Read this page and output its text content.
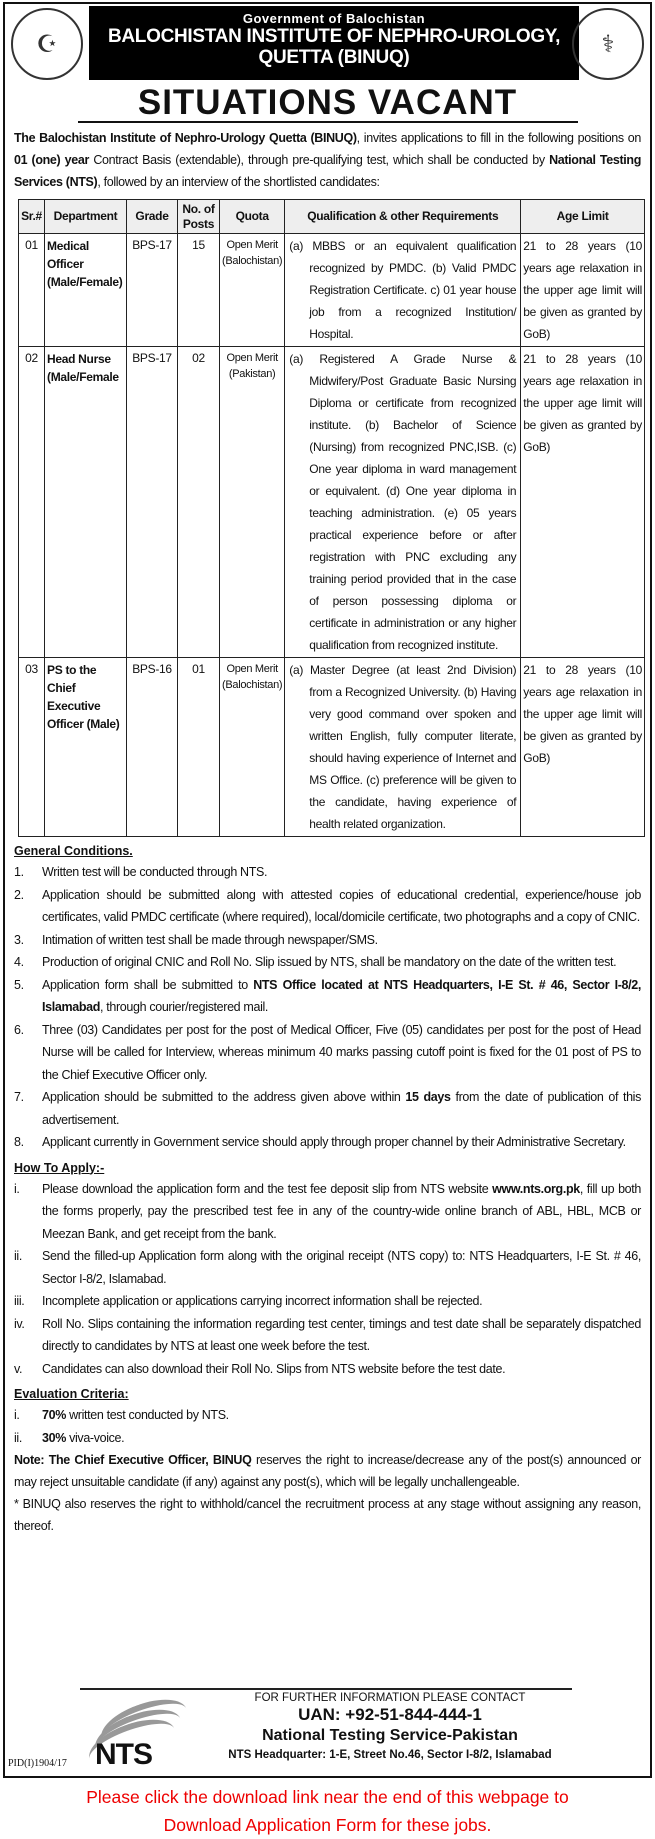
☪
Government of Balochistan
BALOCHISTAN INSTITUTE OF NEPHRO-UROLOGY,
QUETTA (BINUQ)	⚕
SITUATIONS VACANT

The Balochistan Institute of Nephro-Urology Quetta (BINUQ), invites applications to fill in the following positions on 01 (one) year Contract Basis (extendable), through pre-qualifying test, which shall be conducted by National Testing Services (NTS), followed by an interview of the shortlisted candidates:

Sr.#	Department	Grade	No. of Posts	Quota	Qualification & other Requirements	Age Limit
01	Medical Officer (Male/Female)	BPS-17	15	Open Merit (Balochistan)	(a) MBBS or an equivalent qualification recognized by PMDC. (b) Valid PMDC Registration Certificate. c) 01 year house job from a recognized Institution/ Hospital.	21 to 28 years (10 years age relaxation in the upper age limit will be given as granted by GoB)
02	Head Nurse (Male/Female	BPS-17	02	Open Merit (Pakistan)	(a) Registered A Grade Nurse & Midwifery/Post Graduate Basic Nursing Diploma or certificate from recognized institute. (b) Bachelor of Science (Nursing) from recognized PNC,ISB. (c) One year diploma in ward management or equivalent. (d) One year diploma in teaching administration. (e) 05 years practical experience before or after registration with PNC excluding any training period provided that in the case of person possessing diploma or certificate in administration or any higher qualification from recognized institute.	21 to 28 years (10 years age relaxation in the upper age limit will be given as granted by GoB)
03	PS to the Chief Executive Officer (Male)	BPS-16	01	Open Merit (Balochistan)	(a) Master Degree (at least 2nd Division) from a Recognized University. (b) Having very good command over spoken and written English, fully computer literate, should having experience of Internet and MS Office. (c) preference will be given to the candidate, having experience of health related organization.	21 to 28 years (10 years age relaxation in the upper age limit will be given as granted by GoB)
General Conditions.
1.	Written test will be conducted through NTS.
2.	Application should be submitted along with attested copies of educational credential, experience/house job certificates, valid PMDC certificate (where required), local/domicile certificate, two photographs and a copy of CNIC.
3.	Intimation of written test shall be made through newspaper/SMS.
4.	Production of original CNIC and Roll No. Slip issued by NTS, shall be mandatory on the date of the written test.
5.	Application form shall be submitted to NTS Office located at NTS Headquarters, I-E St. # 46, Sector I-8/2, Islamabad, through courier/registered mail.
6.	Three (03) Candidates per post for the post of Medical Officer, Five (05) candidates per post for the post of Head Nurse will be called for Interview, whereas minimum 40 marks passing cutoff point is fixed for the 01 post of PS to the Chief Executive Officer only.
7.	Application should be submitted to the address given above within 15 days from the date of publication of this advertisement.
8.	Applicant currently in Government service should apply through proper channel by their Administrative Secretary.
How To Apply:-
i.	Please download the application form and the test fee deposit slip from NTS website www.nts.org.pk, fill up both the forms properly, pay the prescribed test fee in any of the country-wide online branch of ABL, HBL, MCB or Meezan Bank, and get receipt from the bank.
ii.	Send the filled-up Application form along with the original receipt (NTS copy) to: NTS Headquarters, I-E St. # 46, Sector I-8/2, Islamabad.
iii.	Incomplete application or applications carrying incorrect information shall be rejected.
iv.	Roll No. Slips containing the information regarding test center, timings and test date shall be separately dispatched directly to candidates by NTS at least one week before the test.
v.	Candidates can also download their Roll No. Slips from NTS website before the test date.
Evaluation Criteria:
i.	70% written test conducted by NTS.
ii.	30% viva-voice.

Note: The Chief Executive Officer, BINUQ reserves the right to increase/decrease any of the post(s) announced or may reject unsuitable candidate (if any) against any post(s), which will be legally unchallengeable.

* BINUQ also reserves the right to withhold/cancel the recruitment process at any stage without assigning any reason, thereof.

NTS
FOR FURTHER INFORMATION PLEASE CONTACT
UAN: +92-51-844-444-1
National Testing Service-Pakistan
NTS Headquarter: 1-E, Street No.46, Sector I-8/2, Islamabad
PID(I)1904/17
Please click the download link near the end of this webpage to
Download Application Form for these jobs.
